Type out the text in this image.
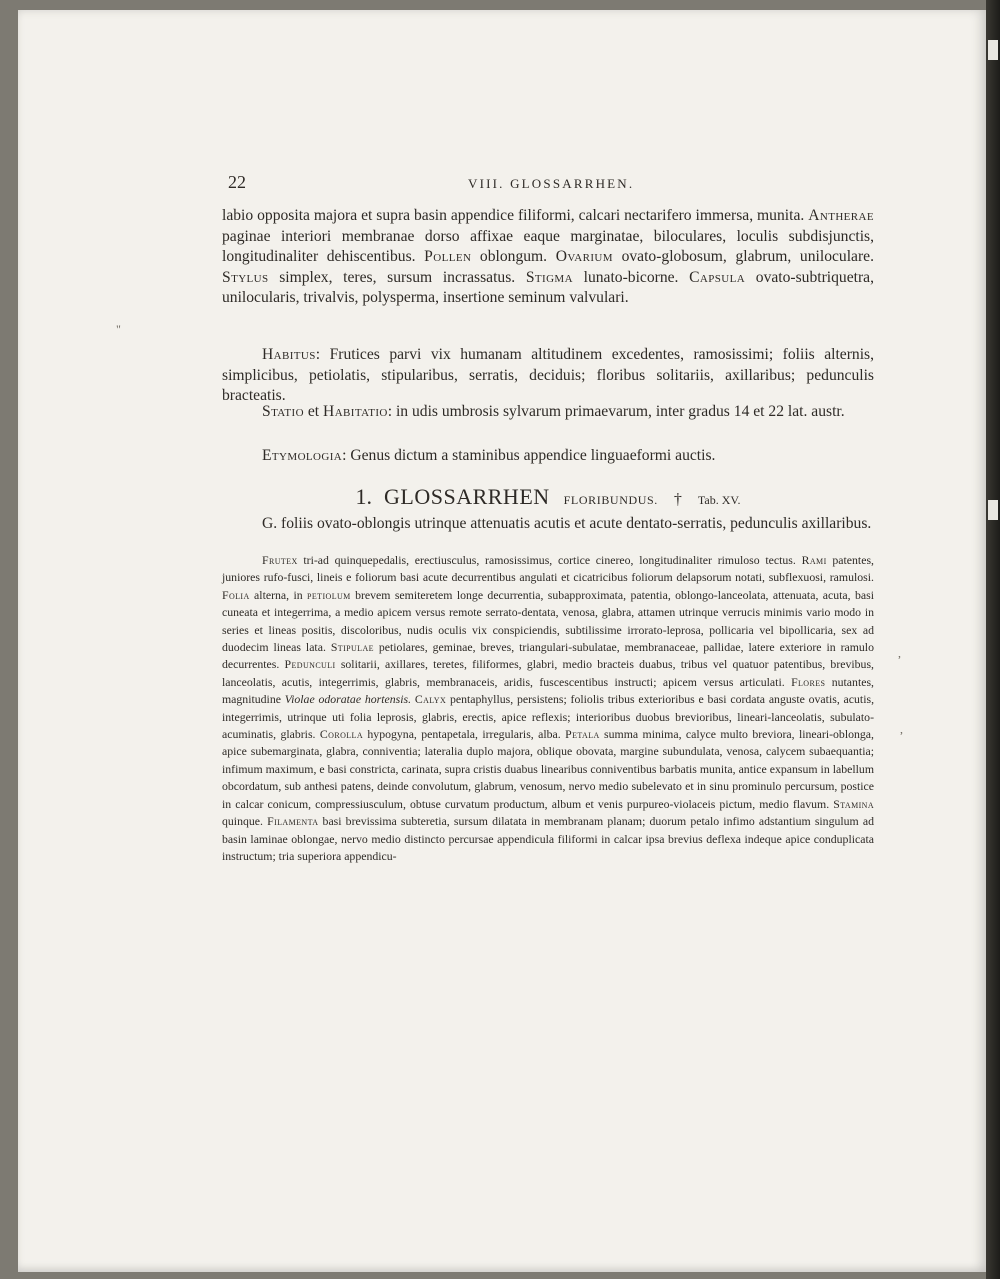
22	VIII. GLOSSARRHEN.

labio opposita majora et supra basin appendice filiformi, calcari nectarifero immersa, munita. Antherae paginae interiori membranae dorso affixae eaque marginatae, biloculares, loculis subdisjunctis, longitudinaliter dehiscentibus. Pollen oblongum. Ovarium ovato-globosum, glabrum, uniloculare. Stylus simplex, teres, sursum incrassatus. Stigma lunato-bicorne. Capsula ovato-subtriquetra, unilocularis, trivalvis, polysperma, insertione seminum valvulari.

Habitus: Frutices parvi vix humanam altitudinem excedentes, ramosissimi; foliis alternis, simplicibus, petiolatis, stipularibus, serratis, deciduis; floribus solitariis, axillaribus; pedunculis bracteatis.

Statio et Habitatio: in udis umbrosis sylvarum primaevarum, inter gradus 14 et 22 lat. austr.

Etymologia: Genus dictum a staminibus appendice linguaeformi auctis.

1. GLOSSARRHEN FLORIBUNDUS. † Tab. XV.

G. foliis ovato-oblongis utrinque attenuatis acutis et acute dentato-serratis, pedunculis axillaribus.

Frutex tri-ad quinquepedalis, erectiusculus, ramosissimus, cortice cinereo, longitudinaliter rimuloso tectus. Rami patentes, juniores rufo-fusci, lineis e foliorum basi acute decurrentibus angulati et cicatricibus foliorum delapsorum notati, subflexuosi, ramulosi. Folia alterna, in petiolum brevem semiteretem longe decurrentia, subapproximata, patentia, oblongo-lanceolata, attenuata, acuta, basi cuneata et integerrima, a medio apicem versus remote serrato-dentata, venosa, glabra, attamen utrinque verrucis minimis vario modo in series et lineas positis, discoloribus, nudis oculis vix conspiciendis, subtilissime irrorato-leprosa, pollicaria vel bipollicaria, sex ad duodecim lineas lata. Stipulae petiolares, geminae, breves, triangulari-subulatae, membranaceae, pallidae, latere exteriore in ramulo decurrentes. Pedunculi solitarii, axillares, teretes, filiformes, glabri, medio bracteis duabus, tribus vel quatuor patentibus, brevibus, lanceolatis, acutis, integerrimis, glabris, membranaceis, aridis, fuscescentibus instructi; apicem versus articulati. Flores nutantes, magnitudine Violae odoratae hortensis. Calyx pentaphyllus, persistens; foliolis tribus exterioribus e basi cordata anguste ovatis, acutis, integerrimis, utrinque uti folia leprosis, glabris, erectis, apice reflexis; interioribus duobus brevioribus, lineari-lanceolatis, subulato-acuminatis, glabris. Corolla hypogyna, pentapetala, irregularis, alba. Petala summa minima, calyce multo breviora, lineari-oblonga, apice subemarginata, glabra, conniventia; lateralia duplo majora, oblique obovata, margine subundulata, venosa, calycem subaequantia; infimum maximum, e basi constricta, carinata, supra cristis duabus linearibus conniventibus barbatis munita, antice expansum in labellum obcordatum, sub anthesi patens, deinde convolutum, glabrum, venosum, nervo medio subelevato et in sinu prominulo percursum, postice in calcar conicum, compressiusculum, obtuse curvatum productum, album et venis purpureo-violaceis pictum, medio flavum. Stamina quinque. Filamenta basi brevissima subteretia, sursum dilatata in membranam planam; duorum petalo infimo adstantium singulum ad basin laminae oblongae, nervo medio distincto percursae appendicula filiformi in calcar ipsa brevius deflexa indeque apice conduplicata instructum; tria superiora appendicu-

"
,
,
